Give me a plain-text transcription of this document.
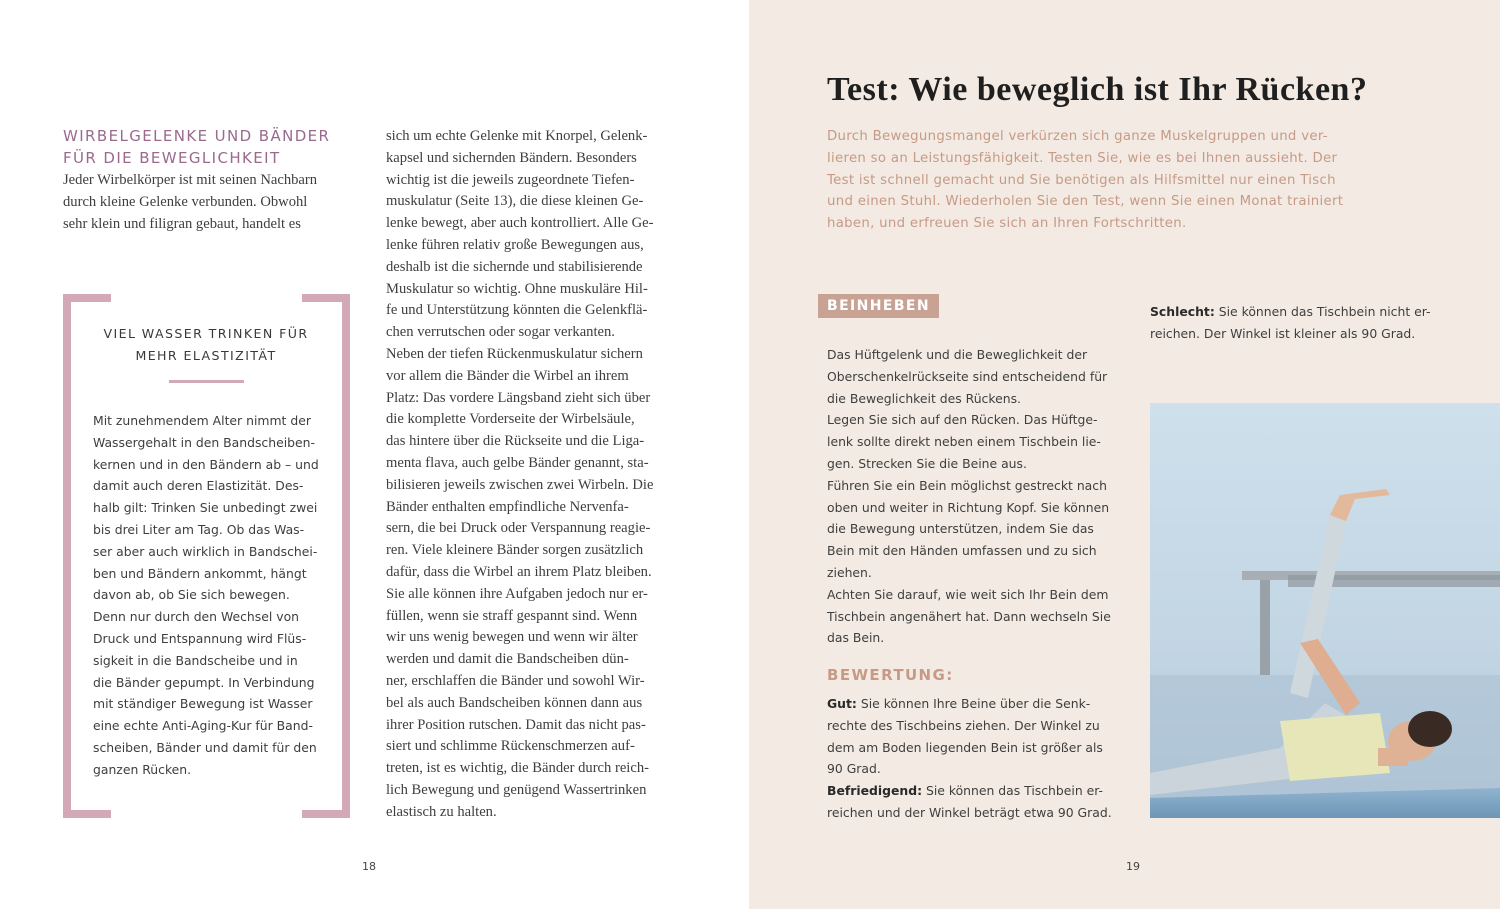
WIRBELGELENKE UND BÄNDER
FÜR DIE BEWEGLICHKEIT

Jeder Wirbelkörper ist mit seinen Nachbarn
durch kleine Gelenke verbunden. Obwohl
sehr klein und filigran gebaut, handelt es

sich um echte Gelenke mit Knorpel, Gelenk-
kapsel und sichernden Bändern. Besonders
wichtig ist die jeweils zugeordnete Tiefen-
muskulatur (Seite 13), die diese kleinen Ge-
lenke bewegt, aber auch kontrolliert. Alle Ge-
lenke führen relativ große Bewegungen aus,
deshalb ist die sichernde und stabilisierende
Muskulatur so wichtig. Ohne muskuläre Hil-
fe und Unterstützung könnten die Gelenkflä-
chen verrutschen oder sogar verkanten.
Neben der tiefen Rückenmuskulatur sichern
vor allem die Bänder die Wirbel an ihrem
Platz: Das vordere Längsband zieht sich über
die komplette Vorderseite der Wirbelsäule,
das hintere über die Rückseite und die Liga-
menta flava, auch gelbe Bänder genannt, sta-
bilisieren jeweils zwischen zwei Wirbeln. Die
Bänder enthalten empfindliche Nervenfa-
sern, die bei Druck oder Verspannung reagie-
ren. Viele kleinere Bänder sorgen zusätzlich
dafür, dass die Wirbel an ihrem Platz bleiben.
Sie alle können ihre Aufgaben jedoch nur er-
füllen, wenn sie straff gespannt sind. Wenn
wir uns wenig bewegen und wenn wir älter
werden und damit die Bandscheiben dün-
ner, erschlaffen die Bänder und sowohl Wir-
bel als auch Bandscheiben können dann aus
ihrer Position rutschen. Damit das nicht pas-
siert und schlimme Rückenschmerzen auf-
treten, ist es wichtig, die Bänder durch reich-
lich Bewegung und genügend Wassertrinken
elastisch zu halten.

VIEL WASSER TRINKEN FÜR
MEHR ELASTIZITÄT

Mit zunehmendem Alter nimmt der
Wassergehalt in den Bandscheiben-
kernen und in den Bändern ab – und
damit auch deren Elastizität. Des-
halb gilt: Trinken Sie unbedingt zwei
bis drei Liter am Tag. Ob das Was-
ser aber auch wirklich in Bandschei-
ben und Bändern ankommt, hängt
davon ab, ob Sie sich bewegen.
Denn nur durch den Wechsel von
Druck und Entspannung wird Flüs-
sigkeit in die Bandscheibe und in
die Bänder gepumpt. In Verbindung
mit ständiger Bewegung ist Wasser
eine echte Anti-Aging-Kur für Band-
scheiben, Bänder und damit für den
ganzen Rücken.

18
Test: Wie beweglich ist Ihr Rücken?

Durch Bewegungsmangel verkürzen sich ganze Muskelgruppen und ver-
lieren so an Leistungsfähigkeit. Testen Sie, wie es bei Ihnen aussieht. Der
Test ist schnell gemacht und Sie benötigen als Hilfsmittel nur einen Tisch
und einen Stuhl. Wiederholen Sie den Test, wenn Sie einen Monat trainiert
haben, und erfreuen Sie sich an Ihren Fortschritten.

BEINHEBEN

Das Hüftgelenk und die Beweglichkeit der
Oberschenkelrückseite sind entscheidend für
die Beweglichkeit des Rückens.
Legen Sie sich auf den Rücken. Das Hüftge-
lenk sollte direkt neben einem Tischbein lie-
gen. Strecken Sie die Beine aus.
Führen Sie ein Bein möglichst gestreckt nach
oben und weiter in Richtung Kopf. Sie können
die Bewegung unterstützen, indem Sie das
Bein mit den Händen umfassen und zu sich
ziehen.
Achten Sie darauf, wie weit sich Ihr Bein dem
Tischbein angenähert hat. Dann wechseln Sie
das Bein.

BEWERTUNG:

Gut: Sie können Ihre Beine über die Senk-
rechte des Tischbeins ziehen. Der Winkel zu
dem am Boden liegenden Bein ist größer als
90 Grad.
Befriedigend: Sie können das Tischbein er-
reichen und der Winkel beträgt etwa 90 Grad.

Schlecht: Sie können das Tischbein nicht er-
reichen. Der Winkel ist kleiner als 90 Grad.

19
